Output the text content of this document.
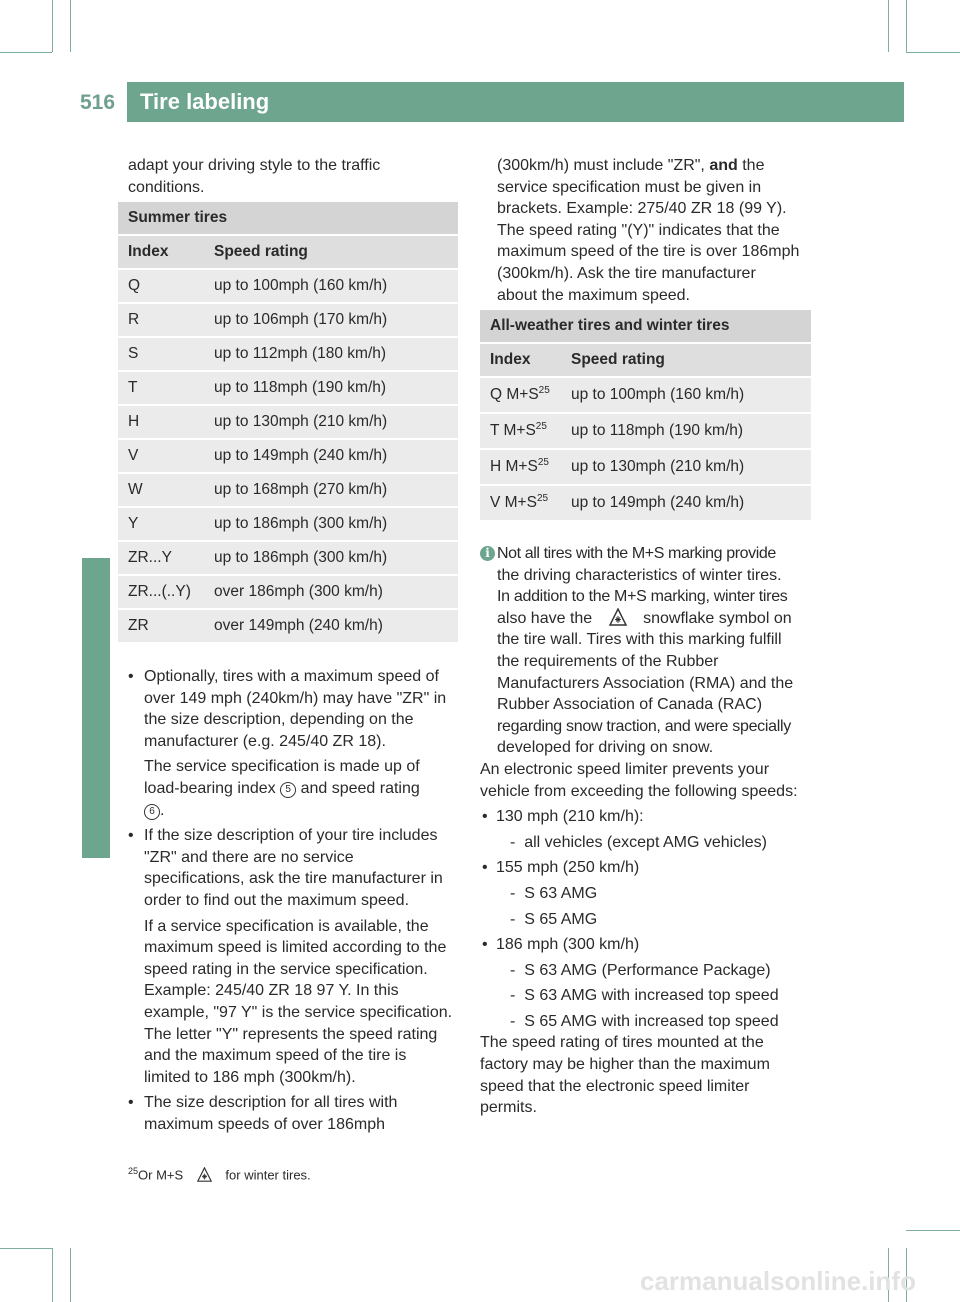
516 Tire labeling
Wheels and tires
adapt your driving style to the traffic
conditions.
Summer tires	
Index	Speed rating
Q	up to 100mph (160 km/h)
R	up to 106mph (170 km/h)
S	up to 112mph (180 km/h)
T	up to 118mph (190 km/h)
H	up to 130mph (210 km/h)
V	up to 149mph (240 km/h)
W	up to 168mph (270 km/h)
Y	up to 186mph (300 km/h)
ZR...Y	up to 186mph (300 km/h)
ZR...(..Y)	over 186mph (300 km/h)
ZR	over 149mph (240 km/h)
• Optionally, tires with a maximum speed of
over 149 mph (240km/h) may have "ZR" in
the size description, depending on the
manufacturer (e.g. 245/40 ZR 18).
The service specification is made up of
load-bearing index 5 and speed rating
6 .
• If the size description of your tire includes
"ZR" and there are no service
specifications, ask the tire manufacturer in
order to find out the maximum speed.
If a service specification is available, the
maximum speed is limited according to the
speed rating in the service specification.
Example: 245/40 ZR 18 97 Y. In this
example, "97 Y" is the service specification.
The letter "Y" represents the speed rating
and the maximum speed of the tire is
limited to 186 mph (300km/h).
• The size description for all tires with
maximum speeds of over 186mph
(300km/h) must include "ZR", and the
service specification must be given in
brackets. Example: 275/40 ZR 18 (99 Y).
The speed rating "(Y)" indicates that the
maximum speed of the tire is over 186mph
(300km/h). Ask the tire manufacturer
about the maximum speed.
All-weather tires and winter tires	
Index	Speed rating
Q $M+S^{25}$	up to 100mph (160 km/h)
T $M+S^{25}$	up to 118mph (190 km/h)
H $M+S^{25}$	up to 130mph (210 km/h)
V $M+S^{25}$	up to 149mph (240 km/h)
i Not all tires with the M+S marking provide
the driving characteristics of winter tires.
In addition to the M+S marking, winter tires
also have the	snowflake symbol on
the tire wall. Tires with this marking fulfill
the requirements of the Rubber
Manufacturers Association (RMA) and the
Rubber Association of Canada (RAC)
regarding snow traction, and were specially
developed for driving on snow.
An electronic speed limiter prevents your
vehicle from exceeding the following speeds:
• 130 mph (210 km/h):
-  all vehicles (except AMG vehicles)
• 155 mph (250 km/h)
-  S 63 AMG
-  S 65 AMG
• 186 mph (300 km/h)
-  S 63 AMG (Performance Package)
-  S 63 AMG with increased top speed
-  S 65 AMG with increased top speed
The speed rating of tires mounted at the
factory may be higher than the maximum
speed that the electronic speed limiter
permits.
$^{25}$Or M+S	for winter tires.
carmanualsonline.info
